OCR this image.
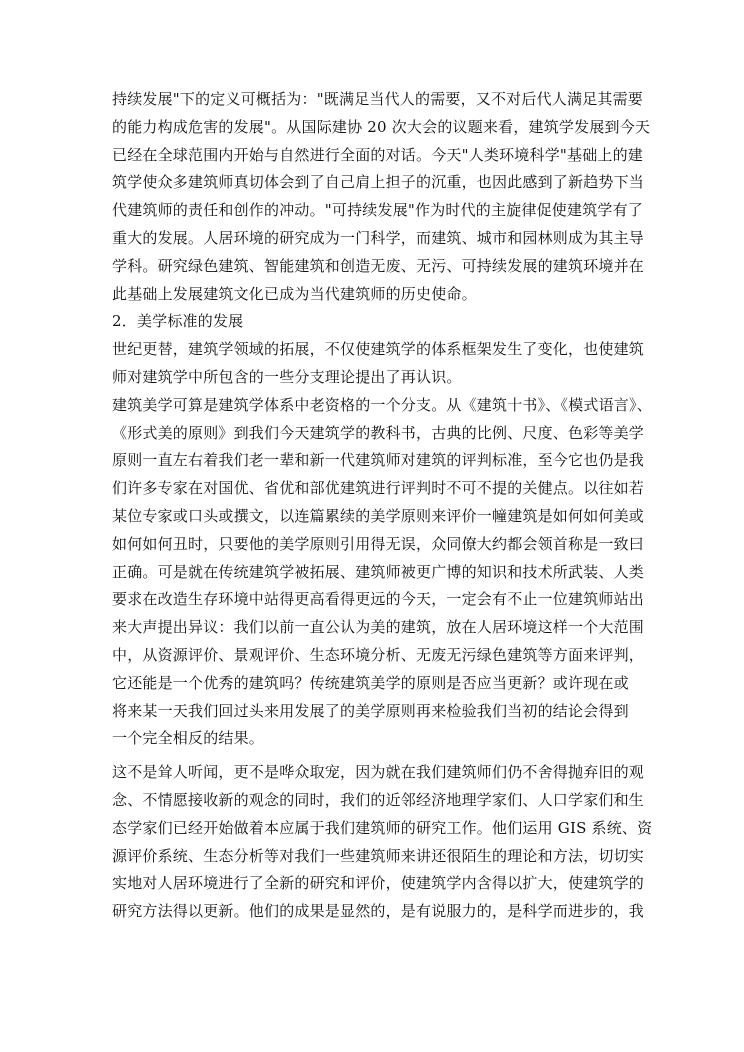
持续发展"下的定义可概括为："既满足当代人的需要，又不对后代人满足其需要
的能力构成危害的发展"。从国际建协 20 次大会的议题来看，建筑学发展到今天
已经在全球范围内开始与自然进行全面的对话。今天"人类环境科学"基础上的建
筑学使众多建筑师真切体会到了自己肩上担子的沉重，也因此感到了新趋势下当
代建筑师的责任和创作的冲动。"可持续发展"作为时代的主旋律促使建筑学有了
重大的发展。人居环境的研究成为一门科学，而建筑、城市和园林则成为其主导
学科。研究绿色建筑、智能建筑和创造无废、无污、可持续发展的建筑环境并在
此基础上发展建筑文化已成为当代建筑师的历史使命。
2．美学标准的发展
世纪更替，建筑学领域的拓展，不仅使建筑学的体系框架发生了变化，也使建筑
师对建筑学中所包含的一些分支理论提出了再认识。
建筑美学可算是建筑学体系中老资格的一个分支。从《建筑十书》、《模式语言》、
《形式美的原则》到我们今天建筑学的教科书，古典的比例、尺度、色彩等美学
原则一直左右着我们老一辈和新一代建筑师对建筑的评判标准，至今它也仍是我
们许多专家在对国优、省优和部优建筑进行评判时不可不提的关健点。以往如若
某位专家或口头或撰文，以连篇累续的美学原则来评价一幢建筑是如何如何美或
如何如何丑时，只要他的美学原则引用得无误，众同僚大约都会领首称是一致曰
正确。可是就在传统建筑学被拓展、建筑师被更广博的知识和技术所武装、人类
要求在改造生存环境中站得更高看得更远的今天，一定会有不止一位建筑师站出
来大声提出异议：我们以前一直公认为美的建筑，放在人居环境这样一个大范围
中，从资源评价、景观评价、生态环境分析、无废无污绿色建筑等方面来评判，
它还能是一个优秀的建筑吗？传统建筑美学的原则是否应当更新？或许现在或
将来某一天我们回过头来用发展了的美学原则再来检验我们当初的结论会得到
一个完全相反的结果。
这不是耸人听闻，更不是哗众取宠，因为就在我们建筑师们仍不舍得抛弃旧的观
念、不情愿接收新的观念的同时，我们的近邻经济地理学家们、人口学家们和生
态学家们已经开始做着本应属于我们建筑师的研究工作。他们运用 GIS 系统、资
源评价系统、生态分析等对我们一些建筑师来讲还很陌生的理论和方法，切切实
实地对人居环境进行了全新的研究和评价，使建筑学内含得以扩大，使建筑学的
研究方法得以更新。他们的成果是显然的，是有说服力的，是科学而进步的，我
